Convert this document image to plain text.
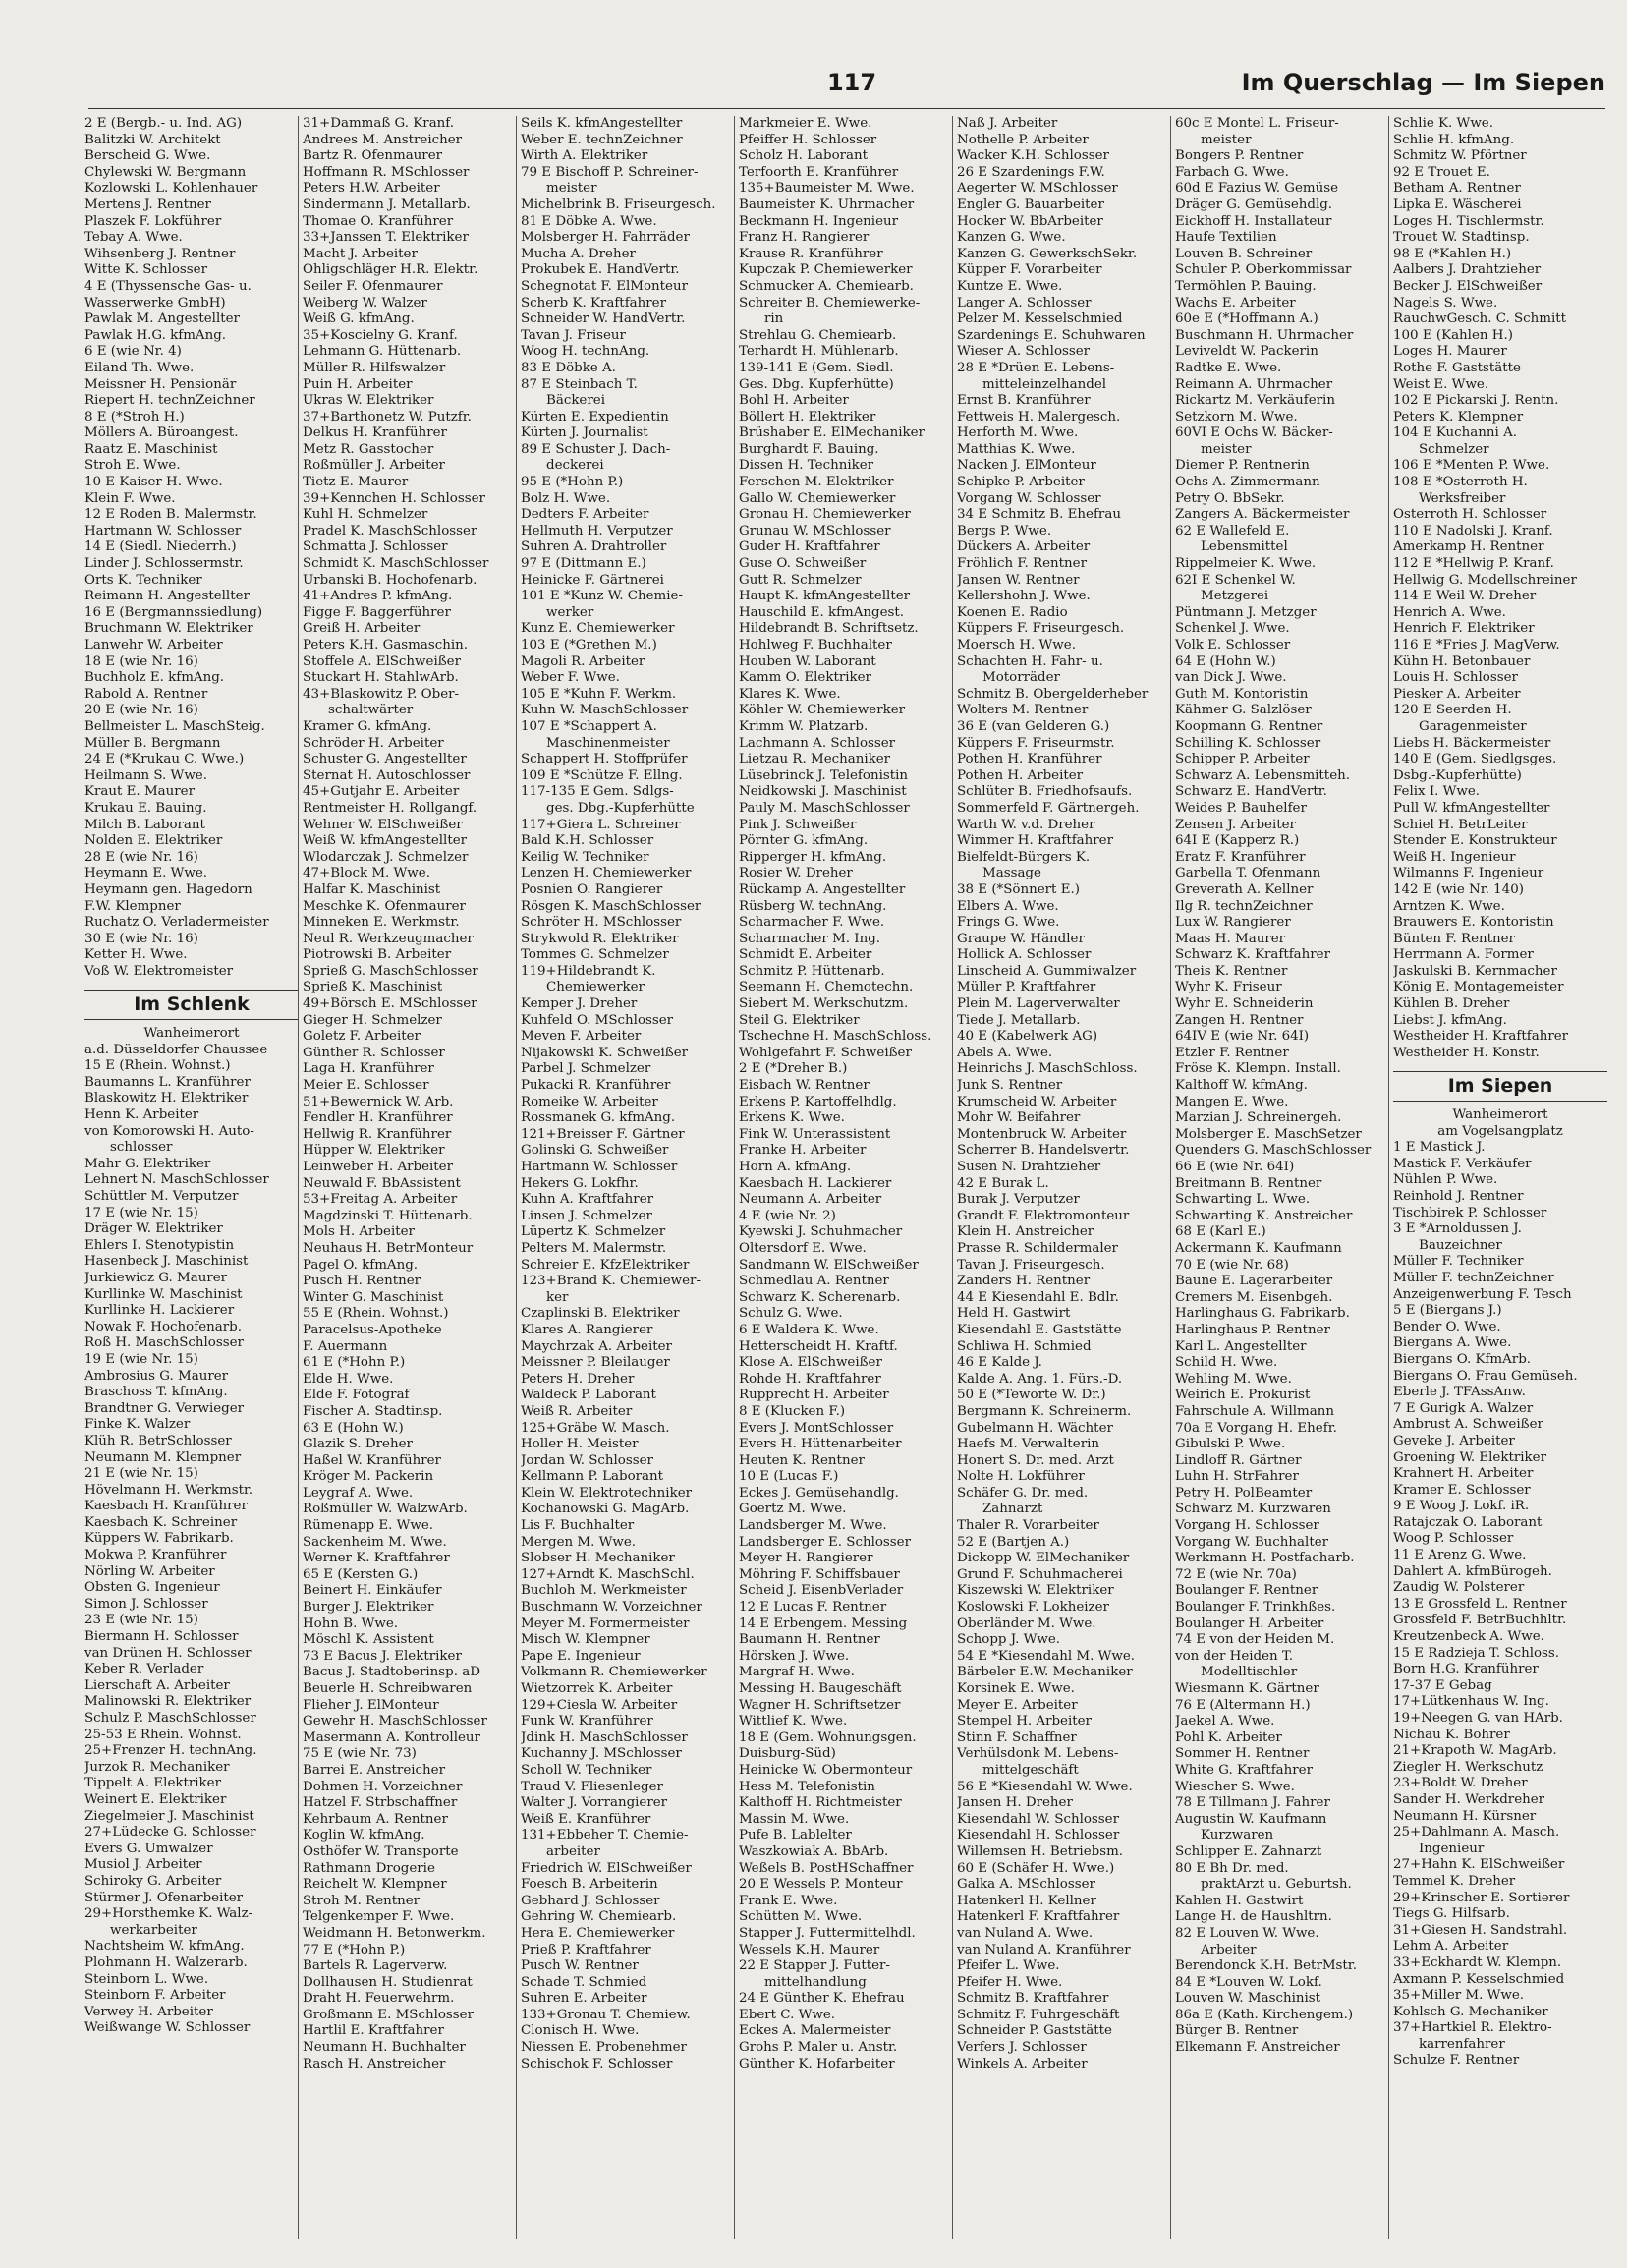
117	Im Querschlag — Im Siepen
2 E (Bergb.- u. Ind. AG)
Balitzki W. Architekt
Berscheid G. Wwe.
Chylewski W. Bergmann
Kozlowski L. Kohlenhauer
Mertens J. Rentner
Plaszek F. Lokführer
Tebay A. Wwe.
Wihsenberg J. Rentner
Witte K. Schlosser
4 E (Thyssensche Gas- u.
Wasserwerke GmbH)
Pawlak M. Angestellter
Pawlak H.G. kfmAng.
6 E (wie Nr. 4)
Eiland Th. Wwe.
Meissner H. Pensionär
Riepert H. technZeichner
8 E (*Stroh H.)
Möllers A. Büroangest.
Raatz E. Maschinist
Stroh E. Wwe.
10 E Kaiser H. Wwe.
Klein F. Wwe.
12 E Roden B. Malermstr.
Hartmann W. Schlosser
14 E (Siedl. Niederrh.)
Linder J. Schlossermstr.
Orts K. Techniker
Reimann H. Angestellter
16 E (Bergmannssiedlung)
Bruchmann W. Elektriker
Lanwehr W. Arbeiter
18 E (wie Nr. 16)
Buchholz E. kfmAng.
Rabold A. Rentner
20 E (wie Nr. 16)
Bellmeister L. MaschSteig.
Müller B. Bergmann
24 E (*Krukau C. Wwe.)
Heilmann S. Wwe.
Kraut E. Maurer
Krukau E. Bauing.
Milch B. Laborant
Nolden E. Elektriker
28 E (wie Nr. 16)
Heymann E. Wwe.
Heymann gen. Hagedorn
F.W. Klempner
Ruchatz O. Verladermeister
30 E (wie Nr. 16)
Ketter H. Wwe.
Voß W. Elektromeister
Im Schlenk
Wanheimerort
a.d. Düsseldorfer Chaussee
15 E (Rhein. Wohnst.)
Baumanns L. Kranführer
Blaskowitz H. Elektriker
Henn K. Arbeiter
von Komorowski H. Auto-
schlosser
Mahr G. Elektriker
Lehnert N. MaschSchlosser
Schüttler M. Verputzer
17 E (wie Nr. 15)
Dräger W. Elektriker
Ehlers I. Stenotypistin
Hasenbeck J. Maschinist
Jurkiewicz G. Maurer
Kurllinke W. Maschinist
Kurllinke H. Lackierer
Nowak F. Hochofenarb.
Roß H. MaschSchlosser
19 E (wie Nr. 15)
Ambrosius G. Maurer
Braschoss T. kfmAng.
Brandtner G. Verwieger
Finke K. Walzer
Klüh R. BetrSchlosser
Neumann M. Klempner
21 E (wie Nr. 15)
Hövelmann H. Werkmstr.
Kaesbach H. Kranführer
Kaesbach K. Schreiner
Küppers W. Fabrikarb.
Mokwa P. Kranführer
Nörling W. Arbeiter
Obsten G. Ingenieur
Simon J. Schlosser
23 E (wie Nr. 15)
Biermann H. Schlosser
van Drünen H. Schlosser
Keber R. Verlader
Lierschaft A. Arbeiter
Malinowski R. Elektriker
Schulz P. MaschSchlosser
25-53 E Rhein. Wohnst.
25+Frenzer H. technAng.
Jurzok R. Mechaniker
Tippelt A. Elektriker
Weinert E. Elektriker
Ziegelmeier J. Maschinist
27+Lüdecke G. Schlosser
Evers G. Umwalzer
Musiol J. Arbeiter
Schiroky G. Arbeiter
Stürmer J. Ofenarbeiter
29+Horsthemke K. Walz-
werkarbeiter
Nachtsheim W. kfmAng.
Plohmann H. Walzerarb.
Steinborn L. Wwe.
Steinborn F. Arbeiter
Verwey H. Arbeiter
Weißwange W. Schlosser
31+Dammaß G. Kranf.
Andrees M. Anstreicher
Bartz R. Ofenmaurer
Hoffmann R. MSchlosser
Peters H.W. Arbeiter
Sindermann J. Metallarb.
Thomae O. Kranführer
33+Janssen T. Elektriker
Macht J. Arbeiter
Ohligschläger H.R. Elektr.
Seiler F. Ofenmaurer
Weiberg W. Walzer
Weiß G. kfmAng.
35+Koscielny G. Kranf.
Lehmann G. Hüttenarb.
Müller R. Hilfswalzer
Puin H. Arbeiter
Ukras W. Elektriker
37+Barthonetz W. Putzfr.
Delkus H. Kranführer
Metz R. Gasstocher
Roßmüller J. Arbeiter
Tietz E. Maurer
39+Kennchen H. Schlosser
Kuhl H. Schmelzer
Pradel K. MaschSchlosser
Schmatta J. Schlosser
Schmidt K. MaschSchlosser
Urbanski B. Hochofenarb.
41+Andres P. kfmAng.
Figge F. Baggerführer
Greiß H. Arbeiter
Peters K.H. Gasmaschin.
Stoffele A. ElSchweißer
Stuckart H. StahlwArb.
43+Blaskowitz P. Ober-
schaltwärter
Kramer G. kfmAng.
Schröder H. Arbeiter
Schuster G. Angestellter
Sternat H. Autoschlosser
45+Gutjahr E. Arbeiter
Rentmeister H. Rollgangf.
Wehner W. ElSchweißer
Weiß W. kfmAngestellter
Wlodarczak J. Schmelzer
47+Block M. Wwe.
Halfar K. Maschinist
Meschke K. Ofenmaurer
Minneken E. Werkmstr.
Neul R. Werkzeugmacher
Piotrowski B. Arbeiter
Sprieß G. MaschSchlosser
Sprieß K. Maschinist
49+Börsch E. MSchlosser
Gieger H. Schmelzer
Goletz F. Arbeiter
Günther R. Schlosser
Laga H. Kranführer
Meier E. Schlosser
51+Bewernick W. Arb.
Fendler H. Kranführer
Hellwig R. Kranführer
Hüpper W. Elektriker
Leinweber H. Arbeiter
Neuwald F. BbAssistent
53+Freitag A. Arbeiter
Magdzinski T. Hüttenarb.
Mols H. Arbeiter
Neuhaus H. BetrMonteur
Pagel O. kfmAng.
Pusch H. Rentner
Winter G. Maschinist
55 E (Rhein. Wohnst.)
Paracelsus-Apotheke
F. Auermann
61 E (*Hohn P.)
Elde H. Wwe.
Elde F. Fotograf
Fischer A. Stadtinsp.
63 E (Hohn W.)
Glazik S. Dreher
Haßel W. Kranführer
Kröger M. Packerin
Leygraf A. Wwe.
Roßmüller W. WalzwArb.
Rümenapp E. Wwe.
Sackenheim M. Wwe.
Werner K. Kraftfahrer
65 E (Kersten G.)
Beinert H. Einkäufer
Burger J. Elektriker
Hohn B. Wwe.
Möschl K. Assistent
73 E Bacus J. Elektriker
Bacus J. Stadtoberinsp. aD
Beuerle H. Schreibwaren
Flieher J. ElMonteur
Gewehr H. MaschSchlosser
Masermann A. Kontrolleur
75 E (wie Nr. 73)
Barrei E. Anstreicher
Dohmen H. Vorzeichner
Hatzel F. Strbschaffner
Kehrbaum A. Rentner
Koglin W. kfmAng.
Osthöfer W. Transporte
Rathmann Drogerie
Reichelt W. Klempner
Stroh M. Rentner
Telgenkemper F. Wwe.
Weidmann H. Betonwerkm.
77 E (*Hohn P.)
Bartels R. Lagerverw.
Dollhausen H. Studienrat
Draht H. Feuerwehrm.
Großmann E. MSchlosser
Hartlil E. Kraftfahrer
Neumann H. Buchhalter
Rasch H. Anstreicher
Seils K. kfmAngestellter
Weber E. technZeichner
Wirth A. Elektriker
79 E Bischoff P. Schreiner-
meister
Michelbrink B. Friseurgesch.
81 E Döbke A. Wwe.
Molsberger H. Fahrräder
Mucha A. Dreher
Prokubek E. HandVertr.
Schegnotat F. ElMonteur
Scherb K. Kraftfahrer
Schneider W. HandVertr.
Tavan J. Friseur
Woog H. technAng.
83 E Döbke A.
87 E Steinbach T.
Bäckerei
Kürten E. Expedientin
Kürten J. Journalist
89 E Schuster J. Dach-
deckerei
95 E (*Hohn P.)
Bolz H. Wwe.
Dedters F. Arbeiter
Hellmuth H. Verputzer
Suhren A. Drahtroller
97 E (Dittmann E.)
Heinicke F. Gärtnerei
101 E *Kunz W. Chemie-
werker
Kunz E. Chemiewerker
103 E (*Grethen M.)
Magoli R. Arbeiter
Weber F. Wwe.
105 E *Kuhn F. Werkm.
Kuhn W. MaschSchlosser
107 E *Schappert A.
Maschinenmeister
Schappert H. Stoffprüfer
109 E *Schütze F. Ellng.
117-135 E Gem. Sdlgs-
ges. Dbg.-Kupferhütte
117+Giera L. Schreiner
Bald K.H. Schlosser
Keilig W. Techniker
Lenzen H. Chemiewerker
Posnien O. Rangierer
Rösgen K. MaschSchlosser
Schröter H. MSchlosser
Strykwold R. Elektriker
Tommes G. Schmelzer
119+Hildebrandt K.
Chemiewerker
Kemper J. Dreher
Kuhfeld O. MSchlosser
Meven F. Arbeiter
Nijakowski K. Schweißer
Parbel J. Schmelzer
Pukacki R. Kranführer
Romeike W. Arbeiter
Rossmanek G. kfmAng.
121+Breisser F. Gärtner
Golinski G. Schweißer
Hartmann W. Schlosser
Hekers G. Lokfhr.
Kuhn A. Kraftfahrer
Linsen J. Schmelzer
Lüpertz K. Schmelzer
Pelters M. Malermstr.
Schreier E. KfzElektriker
123+Brand K. Chemiewer-
ker
Czaplinski B. Elektriker
Klares A. Rangierer
Maychrzak A. Arbeiter
Meissner P. Bleilauger
Peters H. Dreher
Waldeck P. Laborant
Weiß R. Arbeiter
125+Gräbe W. Masch.
Holler H. Meister
Jordan W. Schlosser
Kellmann P. Laborant
Klein W. Elektrotechniker
Kochanowski G. MagArb.
Lis F. Buchhalter
Mergen M. Wwe.
Slobser H. Mechaniker
127+Arndt K. MaschSchl.
Buchloh M. Werkmeister
Buschmann W. Vorzeichner
Meyer M. Formermeister
Misch W. Klempner
Pape E. Ingenieur
Volkmann R. Chemiewerker
Wietzorrek K. Arbeiter
129+Ciesla W. Arbeiter
Funk W. Kranführer
Jdink H. MaschSchlosser
Kuchanny J. MSchlosser
Scholl W. Techniker
Traud V. Fliesenleger
Walter J. Vorrangierer
Weiß E. Kranführer
131+Ebbeher T. Chemie-
arbeiter
Friedrich W. ElSchweißer
Foesch B. Arbeiterin
Gebhard J. Schlosser
Gehring W. Chemiearb.
Hera E. Chemiewerker
Prieß P. Kraftfahrer
Pusch W. Rentner
Schade T. Schmied
Suhren E. Arbeiter
133+Gronau T. Chemiew.
Clonisch H. Wwe.
Niessen E. Probenehmer
Schischok F. Schlosser
Markmeier E. Wwe.
Pfeiffer H. Schlosser
Scholz H. Laborant
Terfoorth E. Kranführer
135+Baumeister M. Wwe.
Baumeister K. Uhrmacher
Beckmann H. Ingenieur
Franz H. Rangierer
Krause R. Kranführer
Kupczak P. Chemiewerker
Schmucker A. Chemiearb.
Schreiter B. Chemiewerke-
rin
Strehlau G. Chemiearb.
Terhardt H. Mühlenarb.
139-141 E (Gem. Siedl.
Ges. Dbg. Kupferhütte)
Bohl H. Arbeiter
Böllert H. Elektriker
Brüshaber E. ElMechaniker
Burghardt F. Bauing.
Dissen H. Techniker
Ferschen M. Elektriker
Gallo W. Chemiewerker
Gronau H. Chemiewerker
Grunau W. MSchlosser
Guder H. Kraftfahrer
Guse O. Schweißer
Gutt R. Schmelzer
Haupt K. kfmAngestellter
Hauschild E. kfmAngest.
Hildebrandt B. Schriftsetz.
Hohlweg F. Buchhalter
Houben W. Laborant
Kamm O. Elektriker
Klares K. Wwe.
Köhler W. Chemiewerker
Krimm W. Platzarb.
Lachmann A. Schlosser
Lietzau R. Mechaniker
Lüsebrinck J. Telefonistin
Neidkowski J. Maschinist
Pauly M. MaschSchlosser
Pink J. Schweißer
Pörnter G. kfmAng.
Ripperger H. kfmAng.
Rosier W. Dreher
Rückamp A. Angestellter
Rüsberg W. technAng.
Scharmacher F. Wwe.
Scharmacher M. Ing.
Schmidt E. Arbeiter
Schmitz P. Hüttenarb.
Seemann H. Chemotechn.
Siebert M. Werkschutzm.
Steil G. Elektriker
Tschechne H. MaschSchloss.
Wohlgefahrt F. Schweißer
2 E (*Dreher B.)
Eisbach W. Rentner
Erkens P. Kartoffelhdlg.
Erkens K. Wwe.
Fink W. Unterassistent
Franke H. Arbeiter
Horn A. kfmAng.
Kaesbach H. Lackierer
Neumann A. Arbeiter
4 E (wie Nr. 2)
Kyewski J. Schuhmacher
Oltersdorf E. Wwe.
Sandmann W. ElSchweißer
Schmedlau A. Rentner
Schwarz K. Scherenarb.
Schulz G. Wwe.
6 E Waldera K. Wwe.
Hetterscheidt H. Kraftf.
Klose A. ElSchweißer
Rohde H. Kraftfahrer
Rupprecht H. Arbeiter
8 E (Klucken F.)
Evers J. MontSchlosser
Evers H. Hüttenarbeiter
Heuten K. Rentner
10 E (Lucas F.)
Eckes J. Gemüsehandlg.
Goertz M. Wwe.
Landsberger M. Wwe.
Landsberger E. Schlosser
Meyer H. Rangierer
Möhring F. Schiffsbauer
Scheid J. EisenbVerlader
12 E Lucas F. Rentner
14 E Erbengem. Messing
Baumann H. Rentner
Hörsken J. Wwe.
Margraf H. Wwe.
Messing H. Baugeschäft
Wagner H. Schriftsetzer
Wittlief K. Wwe.
18 E (Gem. Wohnungsgen.
Duisburg-Süd)
Heinicke W. Obermonteur
Hess M. Telefonistin
Kalthoff H. Richtmeister
Massin M. Wwe.
Pufe B. Lablelter
Waszkowiak A. BbArb.
Weßels B. PostHSchaffner
20 E Wessels P. Monteur
Frank E. Wwe.
Schütten M. Wwe.
Stapper J. Futtermittelhdl.
Wessels K.H. Maurer
22 E Stapper J. Futter-
mittelhandlung
24 E Günther K. Ehefrau
Ebert C. Wwe.
Eckes A. Malermeister
Grohs P. Maler u. Anstr.
Günther K. Hofarbeiter
Naß J. Arbeiter
Nothelle P. Arbeiter
Wacker K.H. Schlosser
26 E Szardenings F.W.
Aegerter W. MSchlosser
Engler G. Bauarbeiter
Hocker W. BbArbeiter
Kanzen G. Wwe.
Kanzen G. GewerkschSekr.
Küpper F. Vorarbeiter
Kuntze E. Wwe.
Langer A. Schlosser
Pelzer M. Kesselschmied
Szardenings E. Schuhwaren
Wieser A. Schlosser
28 E *Drüen E. Lebens-
mitteleinzelhandel
Ernst B. Kranführer
Fettweis H. Malergesch.
Herforth M. Wwe.
Matthias K. Wwe.
Nacken J. ElMonteur
Schipke P. Arbeiter
Vorgang W. Schlosser
34 E Schmitz B. Ehefrau
Bergs P. Wwe.
Dückers A. Arbeiter
Fröhlich F. Rentner
Jansen W. Rentner
Kellershohn J. Wwe.
Koenen E. Radio
Küppers F. Friseurgesch.
Moersch H. Wwe.
Schachten H. Fahr- u.
Motorräder
Schmitz B. Obergelderheber
Wolters M. Rentner
36 E (van Gelderen G.)
Küppers F. Friseurmstr.
Pothen H. Kranführer
Pothen H. Arbeiter
Schlüter B. Friedhofsaufs.
Sommerfeld F. Gärtnergeh.
Warth W. v.d. Dreher
Wimmer H. Kraftfahrer
Bielfeldt-Bürgers K.
Massage
38 E (*Sönnert E.)
Elbers A. Wwe.
Frings G. Wwe.
Graupe W. Händler
Hollick A. Schlosser
Linscheid A. Gummiwalzer
Müller P. Kraftfahrer
Plein M. Lagerverwalter
Tiede J. Metallarb.
40 E (Kabelwerk AG)
Abels A. Wwe.
Heinrichs J. MaschSchloss.
Junk S. Rentner
Krumscheid W. Arbeiter
Mohr W. Beifahrer
Montenbruck W. Arbeiter
Scherrer B. Handelsvertr.
Susen N. Drahtzieher
42 E Burak L.
Burak J. Verputzer
Grandt F. Elektromonteur
Klein H. Anstreicher
Prasse R. Schildermaler
Tavan J. Friseurgesch.
Zanders H. Rentner
44 E Kiesendahl E. Bdlr.
Held H. Gastwirt
Kiesendahl E. Gaststätte
Schliwa H. Schmied
46 E Kalde J.
Kalde A. Ang. 1. Fürs.-D.
50 E (*Teworte W. Dr.)
Bergmann K. Schreinerm.
Gubelmann H. Wächter
Haefs M. Verwalterin
Honert S. Dr. med. Arzt
Nolte H. Lokführer
Schäfer G. Dr. med.
Zahnarzt
Thaler R. Vorarbeiter
52 E (Bartjen A.)
Dickopp W. ElMechaniker
Grund F. Schuhmacherei
Kiszewski W. Elektriker
Koslowski F. Lokheizer
Oberländer M. Wwe.
Schopp J. Wwe.
54 E *Kiesendahl M. Wwe.
Bärbeler E.W. Mechaniker
Korsinek E. Wwe.
Meyer E. Arbeiter
Stempel H. Arbeiter
Stinn F. Schaffner
Verhülsdonk M. Lebens-
mittelgeschäft
56 E *Kiesendahl W. Wwe.
Jansen H. Dreher
Kiesendahl W. Schlosser
Kiesendahl H. Schlosser
Willemsen H. Betriebsm.
60 E (Schäfer H. Wwe.)
Galka A. MSchlosser
Hatenkerl H. Kellner
Hatenkerl F. Kraftfahrer
van Nuland A. Wwe.
van Nuland A. Kranführer
Pfeifer L. Wwe.
Pfeifer H. Wwe.
Schmitz B. Kraftfahrer
Schmitz F. Fuhrgeschäft
Schneider P. Gaststätte
Verfers J. Schlosser
Winkels A. Arbeiter
60c E Montel L. Friseur-
meister
Bongers P. Rentner
Farbach G. Wwe.
60d E Fazius W. Gemüse
Dräger G. Gemüsehdlg.
Eickhoff H. Installateur
Haufe Textilien
Louven B. Schreiner
Schuler P. Oberkommissar
Termöhlen P. Bauing.
Wachs E. Arbeiter
60e E (*Hoffmann A.)
Buschmann H. Uhrmacher
Leviveldt W. Packerin
Radtke E. Wwe.
Reimann A. Uhrmacher
Rickartz M. Verkäuferin
Setzkorn M. Wwe.
60VI E Ochs W. Bäcker-
meister
Diemer P. Rentnerin
Ochs A. Zimmermann
Petry O. BbSekr.
Zangers A. Bäckermeister
62 E Wallefeld E.
Lebensmittel
Rippelmeier K. Wwe.
62I E Schenkel W.
Metzgerei
Püntmann J. Metzger
Schenkel J. Wwe.
Volk E. Schlosser
64 E (Hohn W.)
van Dick J. Wwe.
Guth M. Kontoristin
Kähmer G. Salzlöser
Koopmann G. Rentner
Schilling K. Schlosser
Schipper P. Arbeiter
Schwarz A. Lebensmitteh.
Schwarz E. HandVertr.
Weides P. Bauhelfer
Zensen J. Arbeiter
64I E (Kapperz R.)
Eratz F. Kranführer
Garbella T. Ofenmann
Greverath A. Kellner
Ilg R. technZeichner
Lux W. Rangierer
Maas H. Maurer
Schwarz K. Kraftfahrer
Theis K. Rentner
Wyhr K. Friseur
Wyhr E. Schneiderin
Zangen H. Rentner
64IV E (wie Nr. 64I)
Etzler F. Rentner
Fröse K. Klempn. Install.
Kalthoff W. kfmAng.
Mangen E. Wwe.
Marzian J. Schreinergeh.
Molsberger E. MaschSetzer
Quenders G. MaschSchlosser
66 E (wie Nr. 64I)
Breitmann B. Rentner
Schwarting L. Wwe.
Schwarting K. Anstreicher
68 E (Karl E.)
Ackermann K. Kaufmann
70 E (wie Nr. 68)
Baune E. Lagerarbeiter
Cremers M. Eisenbgeh.
Harlinghaus G. Fabrikarb.
Harlinghaus P. Rentner
Karl L. Angestellter
Schild H. Wwe.
Wehling M. Wwe.
Weirich E. Prokurist
Fahrschule A. Willmann
70a E Vorgang H. Ehefr.
Gibulski P. Wwe.
Lindloff R. Gärtner
Luhn H. StrFahrer
Petry H. PolBeamter
Schwarz M. Kurzwaren
Vorgang H. Schlosser
Vorgang W. Buchhalter
Werkmann H. Postfacharb.
72 E (wie Nr. 70a)
Boulanger F. Rentner
Boulanger F. Trinkhßes.
Boulanger H. Arbeiter
74 E von der Heiden M.
von der Heiden T.
Modelltischler
Wiesmann K. Gärtner
76 E (Altermann H.)
Jaekel A. Wwe.
Pohl K. Arbeiter
Sommer H. Rentner
White G. Kraftfahrer
Wiescher S. Wwe.
78 E Tillmann J. Fahrer
Augustin W. Kaufmann
Kurzwaren
Schlipper E. Zahnarzt
80 E Bh Dr. med.
praktArzt u. Geburtsh.
Kahlen H. Gastwirt
Lange H. de Haushltrn.
82 E Louven W. Wwe.
Arbeiter
Berendonck K.H. BetrMstr.
84 E *Louven W. Lokf.
Louven W. Maschinist
86a E (Kath. Kirchengem.)
Bürger B. Rentner
Elkemann F. Anstreicher
Schlie K. Wwe.
Schlie H. kfmAng.
Schmitz W. Pförtner
92 E Trouet E.
Betham A. Rentner
Lipka E. Wäscherei
Loges H. Tischlermstr.
Trouet W. Stadtinsp.
98 E (*Kahlen H.)
Aalbers J. Drahtzieher
Becker J. ElSchweißer
Nagels S. Wwe.
RauchwGesch. C. Schmitt
100 E (Kahlen H.)
Loges H. Maurer
Rothe F. Gaststätte
Weist E. Wwe.
102 E Pickarski J. Rentn.
Peters K. Klempner
104 E Kuchanni A.
Schmelzer
106 E *Menten P. Wwe.
108 E *Osterroth H.
Werksfreiber
Osterroth H. Schlosser
110 E Nadolski J. Kranf.
Amerkamp H. Rentner
112 E *Hellwig P. Kranf.
Hellwig G. Modellschreiner
114 E Weil W. Dreher
Henrich A. Wwe.
Henrich F. Elektriker
116 E *Fries J. MagVerw.
Kühn H. Betonbauer
Louis H. Schlosser
Piesker A. Arbeiter
120 E Seerden H.
Garagenmeister
Liebs H. Bäckermeister
140 E (Gem. Siedlgsges.
Dsbg.-Kupferhütte)
Felix I. Wwe.
Pull W. kfmAngestellter
Schiel H. BetrLeiter
Stender E. Konstrukteur
Weiß H. Ingenieur
Wilmanns F. Ingenieur
142 E (wie Nr. 140)
Arntzen K. Wwe.
Brauwers E. Kontoristin
Bünten F. Rentner
Herrmann A. Former
Jaskulski B. Kernmacher
König E. Montagemeister
Kühlen B. Dreher
Liebst J. kfmAng.
Westheider H. Kraftfahrer
Westheider H. Konstr.
Im Siepen
Wanheimerort
am Vogelsangplatz
1 E Mastick J.
Mastick F. Verkäufer
Nühlen P. Wwe.
Reinhold J. Rentner
Tischbirek P. Schlosser
3 E *Arnoldussen J.
Bauzeichner
Müller F. Techniker
Müller F. technZeichner
Anzeigenwerbung F. Tesch
5 E (Biergans J.)
Bender O. Wwe.
Biergans A. Wwe.
Biergans O. KfmArb.
Biergans O. Frau Gemüseh.
Eberle J. TFAssAnw.
7 E Gurigk A. Walzer
Ambrust A. Schweißer
Geveke J. Arbeiter
Groening W. Elektriker
Krahnert H. Arbeiter
Kramer E. Schlosser
9 E Woog J. Lokf. iR.
Ratajczak O. Laborant
Woog P. Schlosser
11 E Arenz G. Wwe.
Dahlert A. kfmBürogeh.
Zaudig W. Polsterer
13 E Grossfeld L. Rentner
Grossfeld F. BetrBuchhltr.
Kreutzenbeck A. Wwe.
15 E Radzieja T. Schloss.
Born H.G. Kranführer
17-37 E Gebag
17+Lütkenhaus W. Ing.
19+Neegen G. van HArb.
Nichau K. Bohrer
21+Krapoth W. MagArb.
Ziegler H. Werkschutz
23+Boldt W. Dreher
Sander H. Werkdreher
Neumann H. Kürsner
25+Dahlmann A. Masch.
Ingenieur
27+Hahn K. ElSchweißer
Temmel K. Dreher
29+Krinscher E. Sortierer
Tiegs G. Hilfsarb.
31+Giesen H. Sandstrahl.
Lehm A. Arbeiter
33+Eckhardt W. Klempn.
Axmann P. Kesselschmied
35+Miller M. Wwe.
Kohlsch G. Mechaniker
37+Hartkiel R. Elektro-
karrenfahrer
Schulze F. Rentner
